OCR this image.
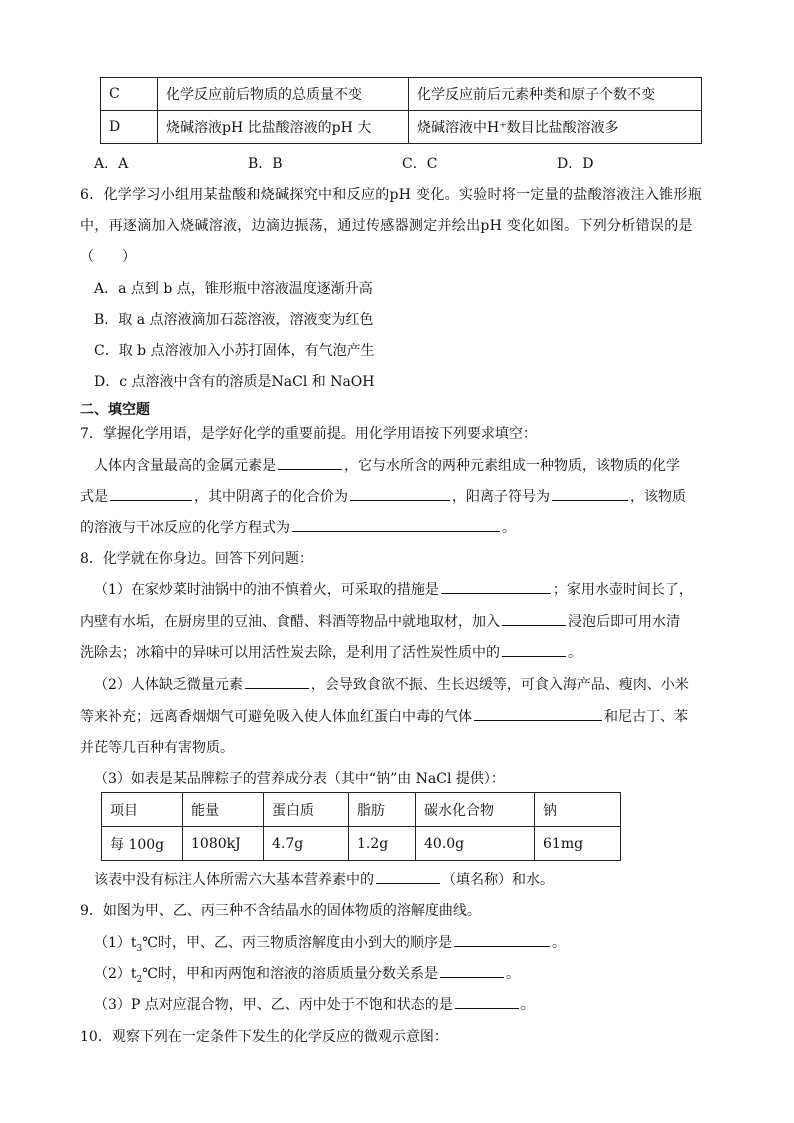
C	化学反应前后物质的总质量不变	化学反应前后元素种类和原子个数不变
D	烧碱溶液pH 比盐酸溶液的pH 大	烧碱溶液中H⁺数目比盐酸溶液多
A．A	B．B	C．C	D．D
6．化学学习小组用某盐酸和烧碱探究中和反应的pH 变化。实验时将一定量的盐酸溶液注入锥形瓶
中，再逐滴加入烧碱溶液，边滴边振荡，通过传感器测定并绘出pH 变化如图。下列分析错误的是
（　　）
A．a 点到 b 点，锥形瓶中溶液温度逐渐升高
B．取 a 点溶液滴加石蕊溶液，溶液变为红色
C．取 b 点溶液加入小苏打固体，有气泡产生
D．c 点溶液中含有的溶质是NaCl 和 NaOH
二、填空题
7．掌握化学用语，是学好化学的重要前提。用化学用语按下列要求填空：
人体内含量最高的金属元素是	，它与水所含的两种元素组成一种物质，该物质的化学
式是	，其中阴离子的化合价为	，阳离子符号为	，该物质
的溶液与干冰反应的化学方程式为	。
8．化学就在你身边。回答下列问题：
（1）在家炒菜时油锅中的油不慎着火，可采取的措施是	；家用水壶时间长了，
内壁有水垢，在厨房里的豆油、食醋、料酒等物品中就地取材，加入	浸泡后即可用水清
洗除去；冰箱中的异味可以用活性炭去除，是利用了活性炭性质中的	。
（2）人体缺乏微量元素	，会导致食欲不振、生长迟缓等，可食入海产品、瘦肉、小米
等来补充；远离香烟烟气可避免吸入使人体血红蛋白中毒的气体	和尼古丁、苯
并芘等几百种有害物质。
（3）如表是某品牌粽子的营养成分表（其中“钠”由 NaCl 提供）：
项目	能量	蛋白质	脂肪	碳水化合物	钠
每 100g	1080kJ	4.7g	1.2g	40.0g	61mg
该表中没有标注人体所需六大基本营养素中的	（填名称）和水。
9．如图为甲、乙、丙三种不含结晶水的固体物质的溶解度曲线。
$(1)t_3℃$时，甲、乙、丙三物质溶解度由小到大的顺序是	。
$(2)t_2℃$时，甲和丙两饱和溶液的溶质质量分数关系是	。
（3）P 点对应混合物，甲、乙、丙中处于不饱和状态的是	。
10．观察下列在一定条件下发生的化学反应的微观示意图：
